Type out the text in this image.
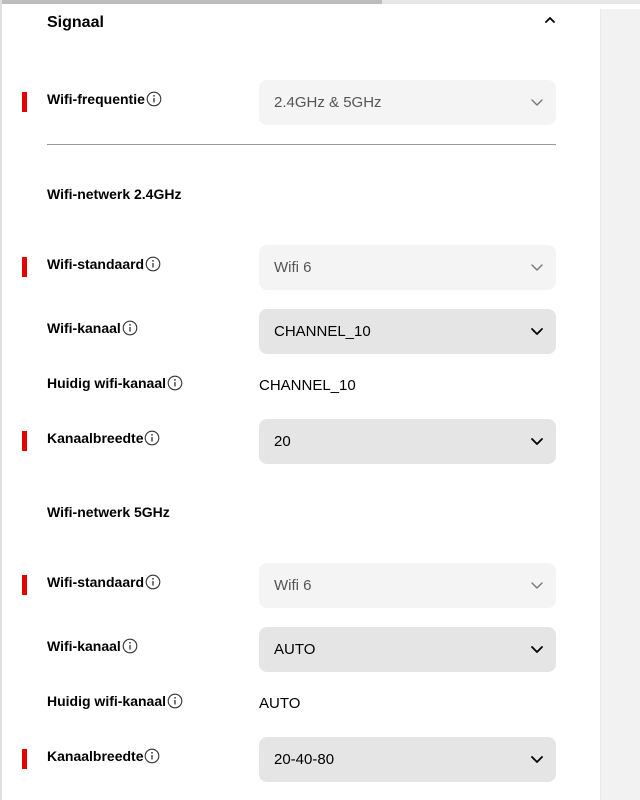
Signaal
Wifi-frequentie	2.4GHz & 5GHz
Wifi-netwerk 2.4GHz
Wifi-standaard	Wifi 6
Wifi-kanaal	CHANNEL_10
Huidig wifi-kanaal	CHANNEL_10
Kanaalbreedte	20
Wifi-netwerk 5GHz
Wifi-standaard	Wifi 6
Wifi-kanaal	AUTO
Huidig wifi-kanaal	AUTO
Kanaalbreedte	20-40-80
